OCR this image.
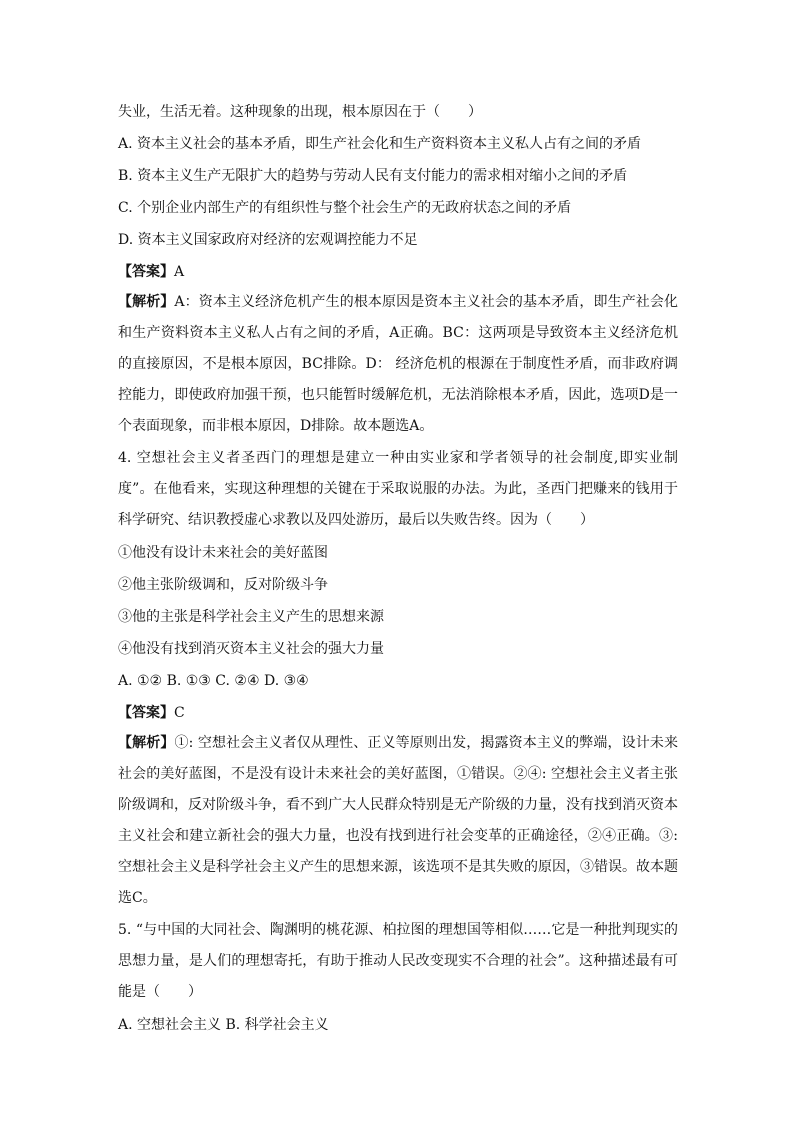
失业，生活无着。这种现象的出现，根本原因在于（　　）

A. 资本主义社会的基本矛盾，即生产社会化和生产资料资本主义私人占有之间的矛盾

B. 资本主义生产无限扩大的趋势与劳动人民有支付能力的需求相对缩小之间的矛盾

C. 个别企业内部生产的有组织性与整个社会生产的无政府状态之间的矛盾

D. 资本主义国家政府对经济的宏观调控能力不足

【答案】A

【解析】A：资本主义经济危机产生的根本原因是资本主义社会的基本矛盾，即生产社会化和生产资料资本主义私人占有之间的矛盾，A正确。BC：这两项是导致资本主义经济危机的直接原因，不是根本原因，BC排除。D： 经济危机的根源在于制度性矛盾，而非政府调控能力，即使政府加强干预，也只能暂时缓解危机，无法消除根本矛盾，因此，选项D是一个表面现象，而非根本原因，D排除。故本题选A。

4. 空想社会主义者圣西门的理想是建立一种由实业家和学者领导的社会制度,即实业制度”。在他看来，实现这种理想的关键在于采取说服的办法。为此，圣西门把赚来的钱用于科学研究、结识教授虚心求教以及四处游历，最后以失败告终。因为（　　）

①他没有设计未来社会的美好蓝图

②他主张阶级调和，反对阶级斗争

③他的主张是科学社会主义产生的思想来源

④他没有找到消灭资本主义社会的强大力量

A. ①② B. ①③ C. ②④ D. ③④

【答案】C

【解析】①: 空想社会主义者仅从理性、正义等原则出发，揭露资本主义的弊端，设计未来社会的美好蓝图，不是没有设计未来社会的美好蓝图，①错误。②④: 空想社会主义者主张阶级调和，反对阶级斗争，看不到广大人民群众特别是无产阶级的力量，没有找到消灭资本主义社会和建立新社会的强大力量，也没有找到进行社会变革的正确途径，②④正确。③: 空想社会主义是科学社会主义产生的思想来源，该选项不是其失败的原因，③错误。故本题选C。

5. “与中国的大同社会、陶渊明的桃花源、柏拉图的理想国等相似……它是一种批判现实的思想力量，是人们的理想寄托，有助于推动人民改变现实不合理的社会”。这种描述最有可能是（　　）

A. 空想社会主义 B. 科学社会主义
